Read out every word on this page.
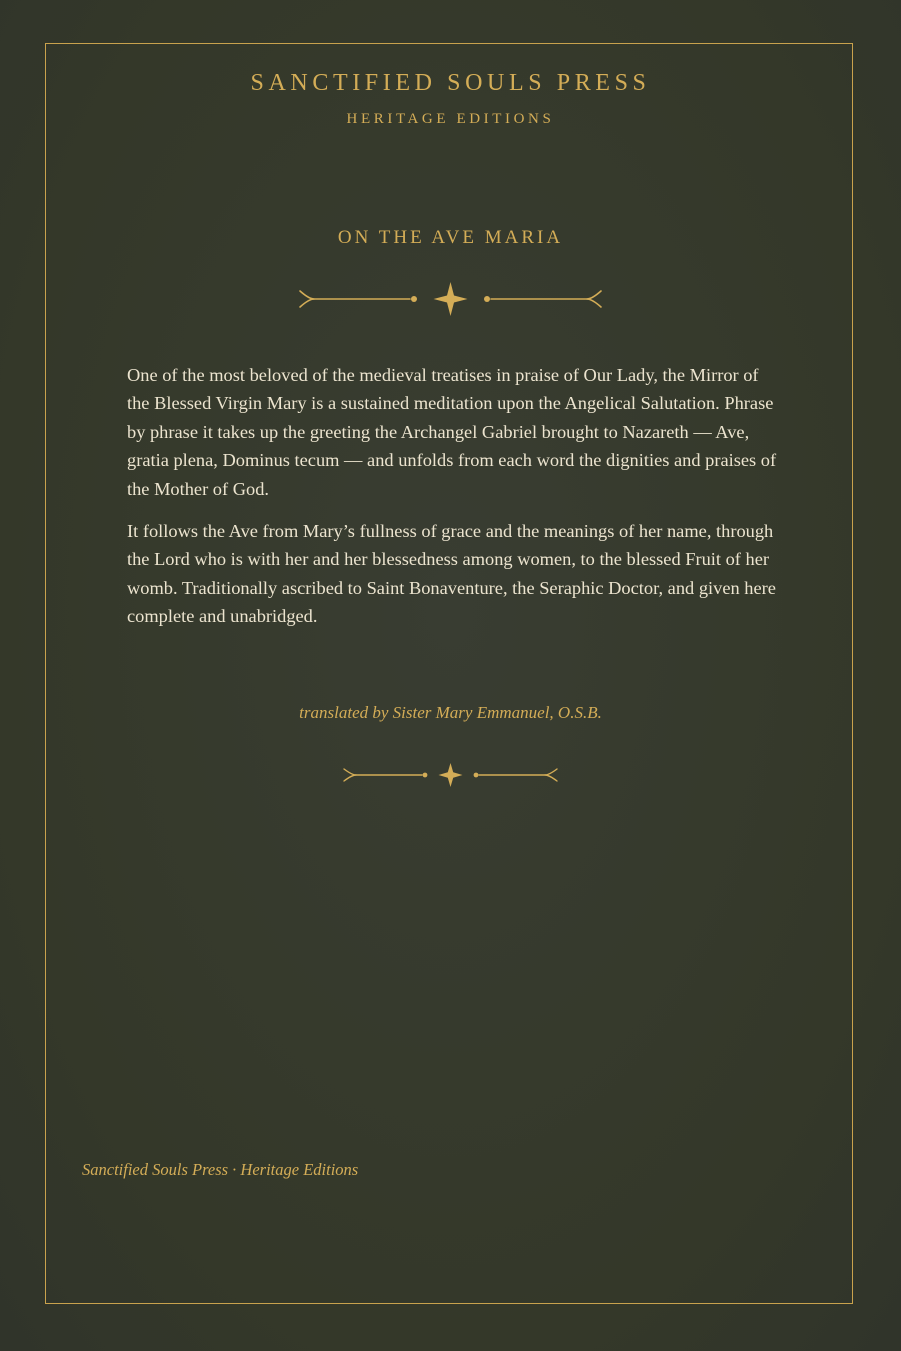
SANCTIFIED SOULS PRESS
HERITAGE EDITIONS
ON THE AVE MARIA

One of the most beloved of the medieval treatises in praise of Our Lady, the Mirror of the Blessed Virgin Mary is a sustained meditation upon the Angelical Salutation. Phrase by phrase it takes up the greeting the Archangel Gabriel brought to Nazareth — Ave, gratia plena, Dominus tecum — and unfolds from each word the dignities and praises of the Mother of God.

It follows the Ave from Mary’s fullness of grace and the meanings of her name, through the Lord who is with her and her blessedness among women, to the blessed Fruit of her womb. Traditionally ascribed to Saint Bonaventure, the Seraphic Doctor, and given here complete and unabridged.

translated by Sister Mary Emmanuel, O.S.B.
Sanctified Souls Press · Heritage Editions
